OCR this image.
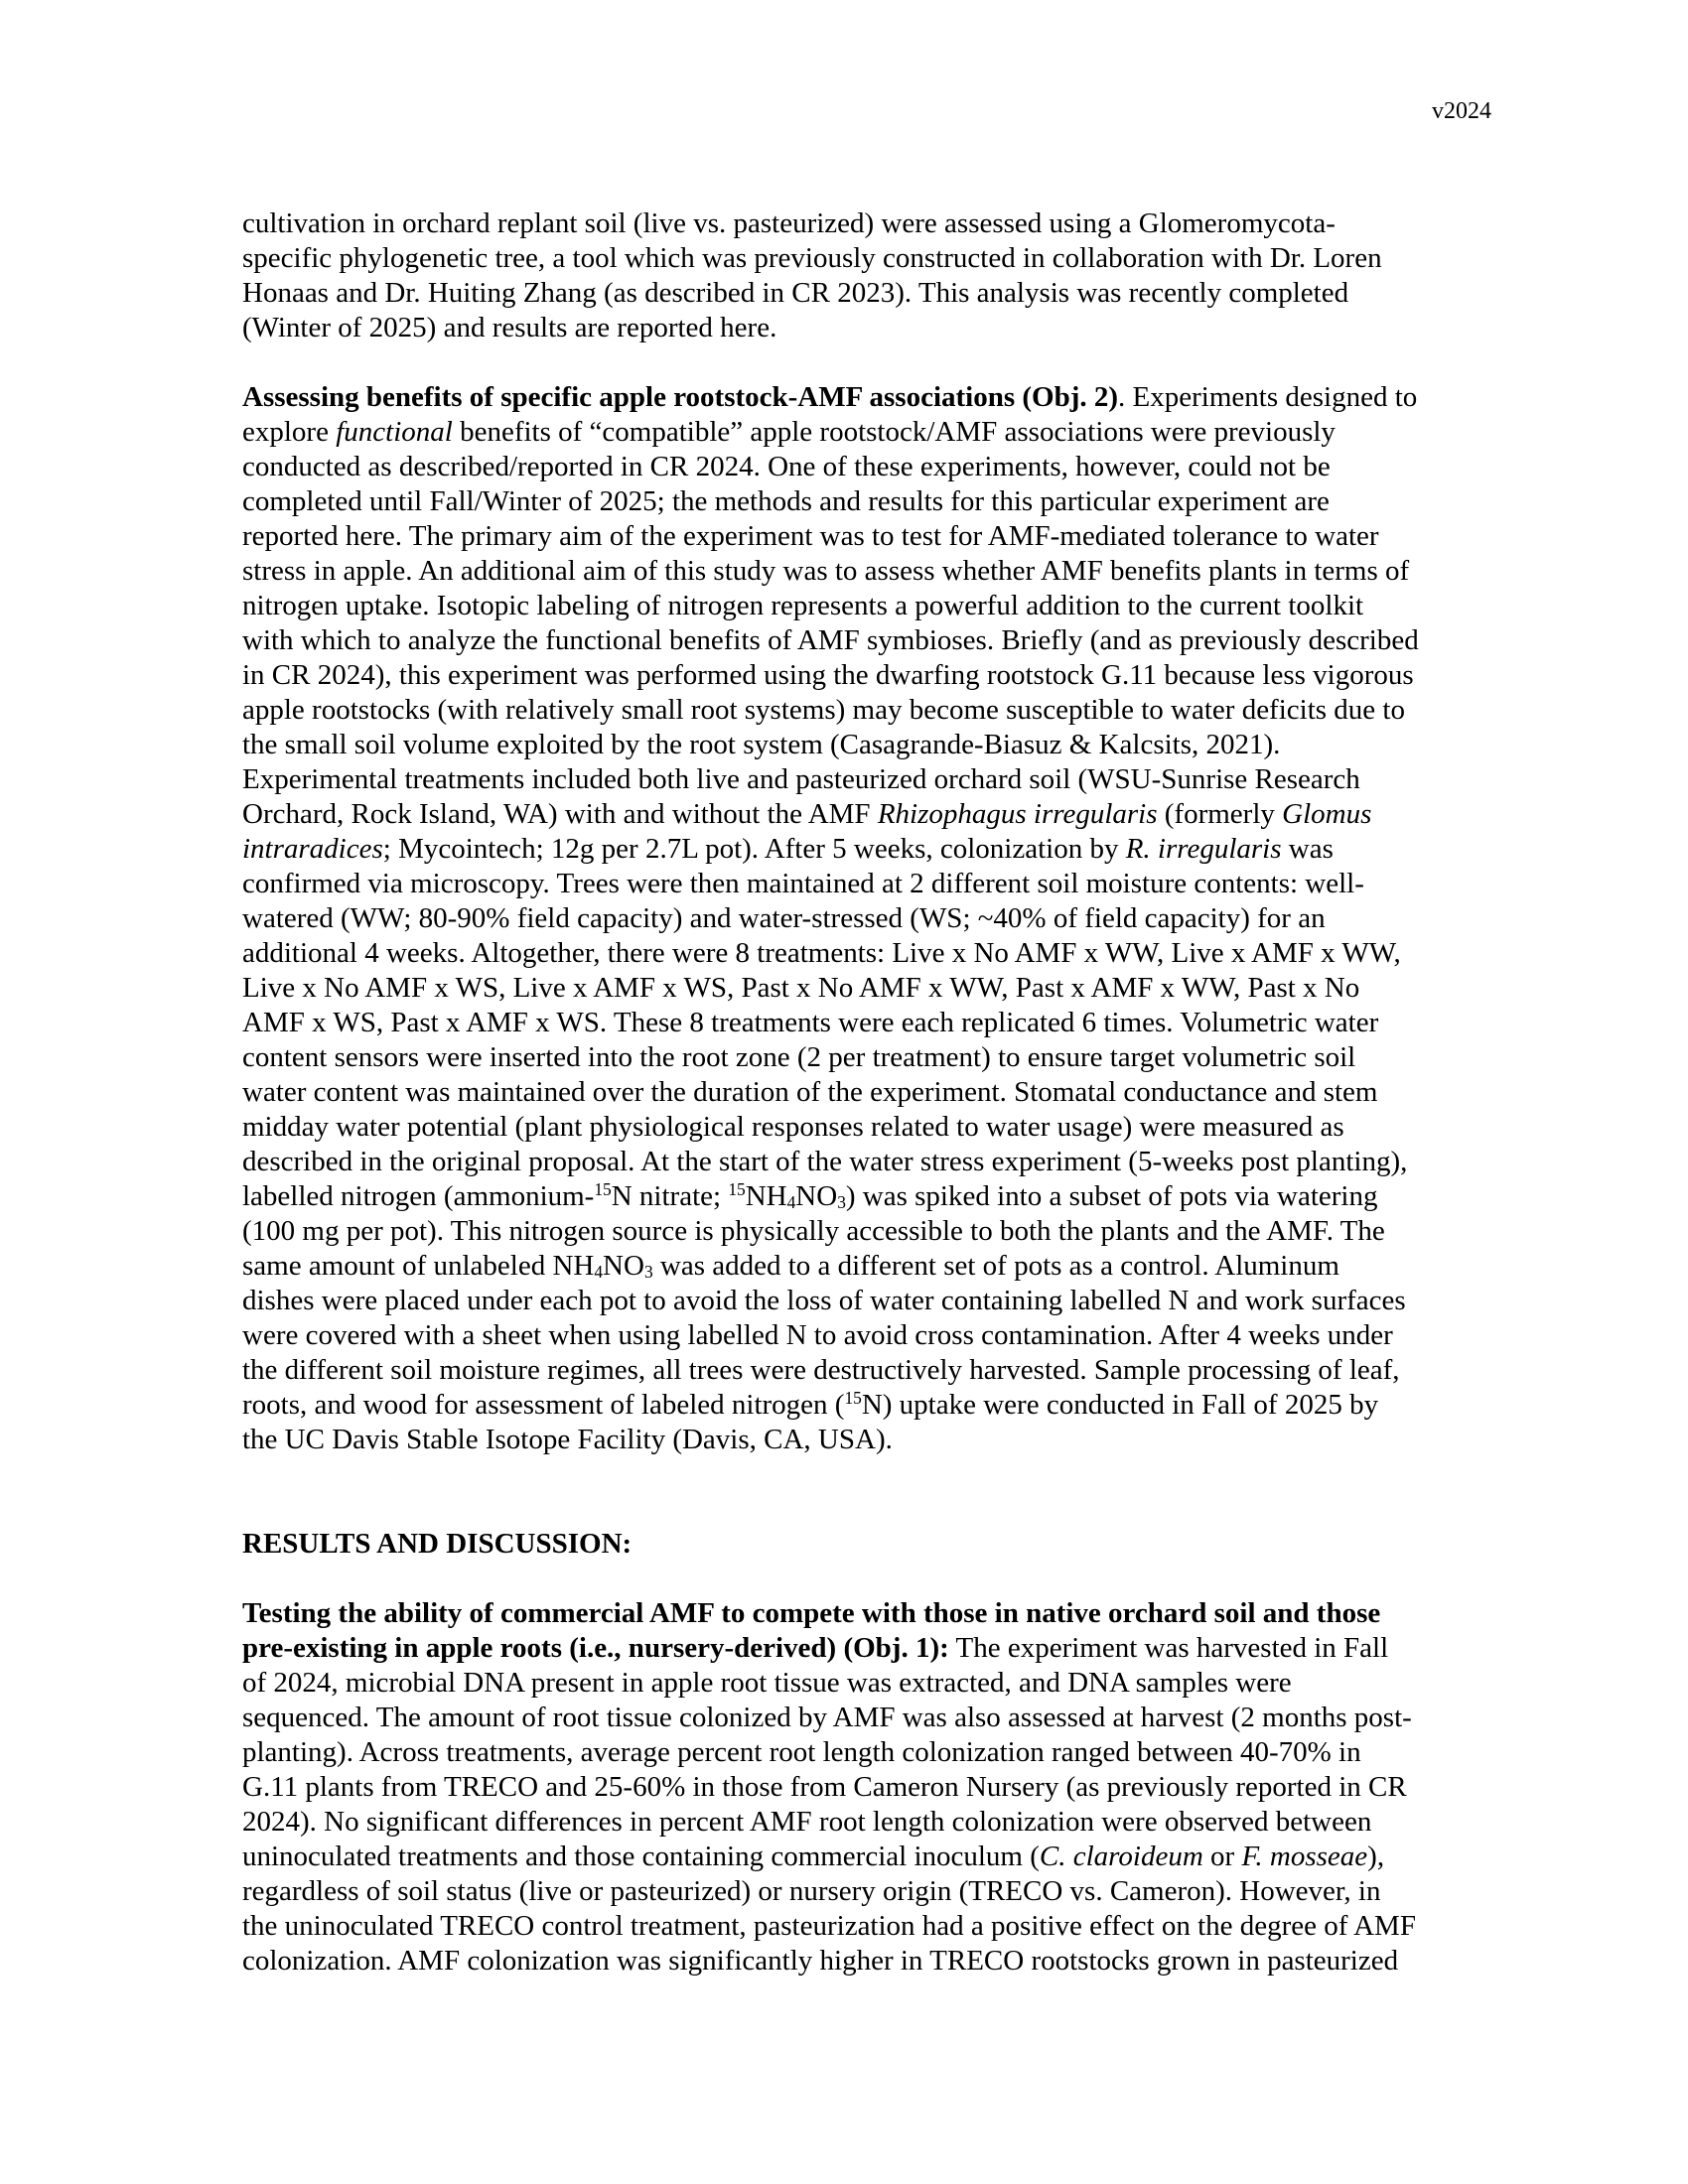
v2024
cultivation in orchard replant soil (live vs. pasteurized) were assessed using a Glomeromycota-
specific phylogenetic tree, a tool which was previously constructed in collaboration with Dr. Loren
Honaas and Dr. Huiting Zhang (as described in CR 2023). This analysis was recently completed
(Winter of 2025) and results are reported here.
Assessing benefits of specific apple rootstock-AMF associations (Obj. 2). Experiments designed to
explore functional benefits of “compatible” apple rootstock/AMF associations were previously
conducted as described/reported in CR 2024. One of these experiments, however, could not be
completed until Fall/Winter of 2025; the methods and results for this particular experiment are
reported here. The primary aim of the experiment was to test for AMF-mediated tolerance to water
stress in apple. An additional aim of this study was to assess whether AMF benefits plants in terms of
nitrogen uptake. Isotopic labeling of nitrogen represents a powerful addition to the current toolkit
with which to analyze the functional benefits of AMF symbioses. Briefly (and as previously described
in CR 2024), this experiment was performed using the dwarfing rootstock G.11 because less vigorous
apple rootstocks (with relatively small root systems) may become susceptible to water deficits due to
the small soil volume exploited by the root system (Casagrande-Biasuz & Kalcsits, 2021).
Experimental treatments included both live and pasteurized orchard soil (WSU-Sunrise Research
Orchard, Rock Island, WA) with and without the AMF Rhizophagus irregularis (formerly Glomus
intraradices; Mycointech; 12g per 2.7L pot). After 5 weeks, colonization by R. irregularis was
confirmed via microscopy. Trees were then maintained at 2 different soil moisture contents: well-
watered (WW; 80-90% field capacity) and water-stressed (WS; ~40% of field capacity) for an
additional 4 weeks. Altogether, there were 8 treatments: Live x No AMF x WW, Live x AMF x WW,
Live x No AMF x WS, Live x AMF x WS, Past x No AMF x WW, Past x AMF x WW, Past x No
AMF x WS, Past x AMF x WS. These 8 treatments were each replicated 6 times. Volumetric water
content sensors were inserted into the root zone (2 per treatment) to ensure target volumetric soil
water content was maintained over the duration of the experiment. Stomatal conductance and stem
midday water potential (plant physiological responses related to water usage) were measured as
described in the original proposal. At the start of the water stress experiment (5-weeks post planting),
labelled nitrogen (ammonium-$^{15}$N nitrate; $^{15}$NH4NO3) was spiked into a subset of pots via watering
(100 mg per pot). This nitrogen source is physically accessible to both the plants and the AMF. The
same amount of unlabeled NH4NO3 was added to a different set of pots as a control. Aluminum
dishes were placed under each pot to avoid the loss of water containing labelled N and work surfaces
were covered with a sheet when using labelled N to avoid cross contamination. After 4 weeks under
the different soil moisture regimes, all trees were destructively harvested. Sample processing of leaf,
roots, and wood for assessment of labeled nitrogen ($^{15}$N) uptake were conducted in Fall of 2025 by
the UC Davis Stable Isotope Facility (Davis, CA, USA).
RESULTS AND DISCUSSION:
Testing the ability of commercial AMF to compete with those in native orchard soil and those
pre-existing in apple roots (i.e., nursery-derived) (Obj. 1): The experiment was harvested in Fall
of 2024, microbial DNA present in apple root tissue was extracted, and DNA samples were
sequenced. The amount of root tissue colonized by AMF was also assessed at harvest (2 months post-
planting). Across treatments, average percent root length colonization ranged between 40-70% in
G.11 plants from TRECO and 25-60% in those from Cameron Nursery (as previously reported in CR
2024). No significant differences in percent AMF root length colonization were observed between
uninoculated treatments and those containing commercial inoculum (C. claroideum or F. mosseae),
regardless of soil status (live or pasteurized) or nursery origin (TRECO vs. Cameron). However, in
the uninoculated TRECO control treatment, pasteurization had a positive effect on the degree of AMF
colonization. AMF colonization was significantly higher in TRECO rootstocks grown in pasteurized
